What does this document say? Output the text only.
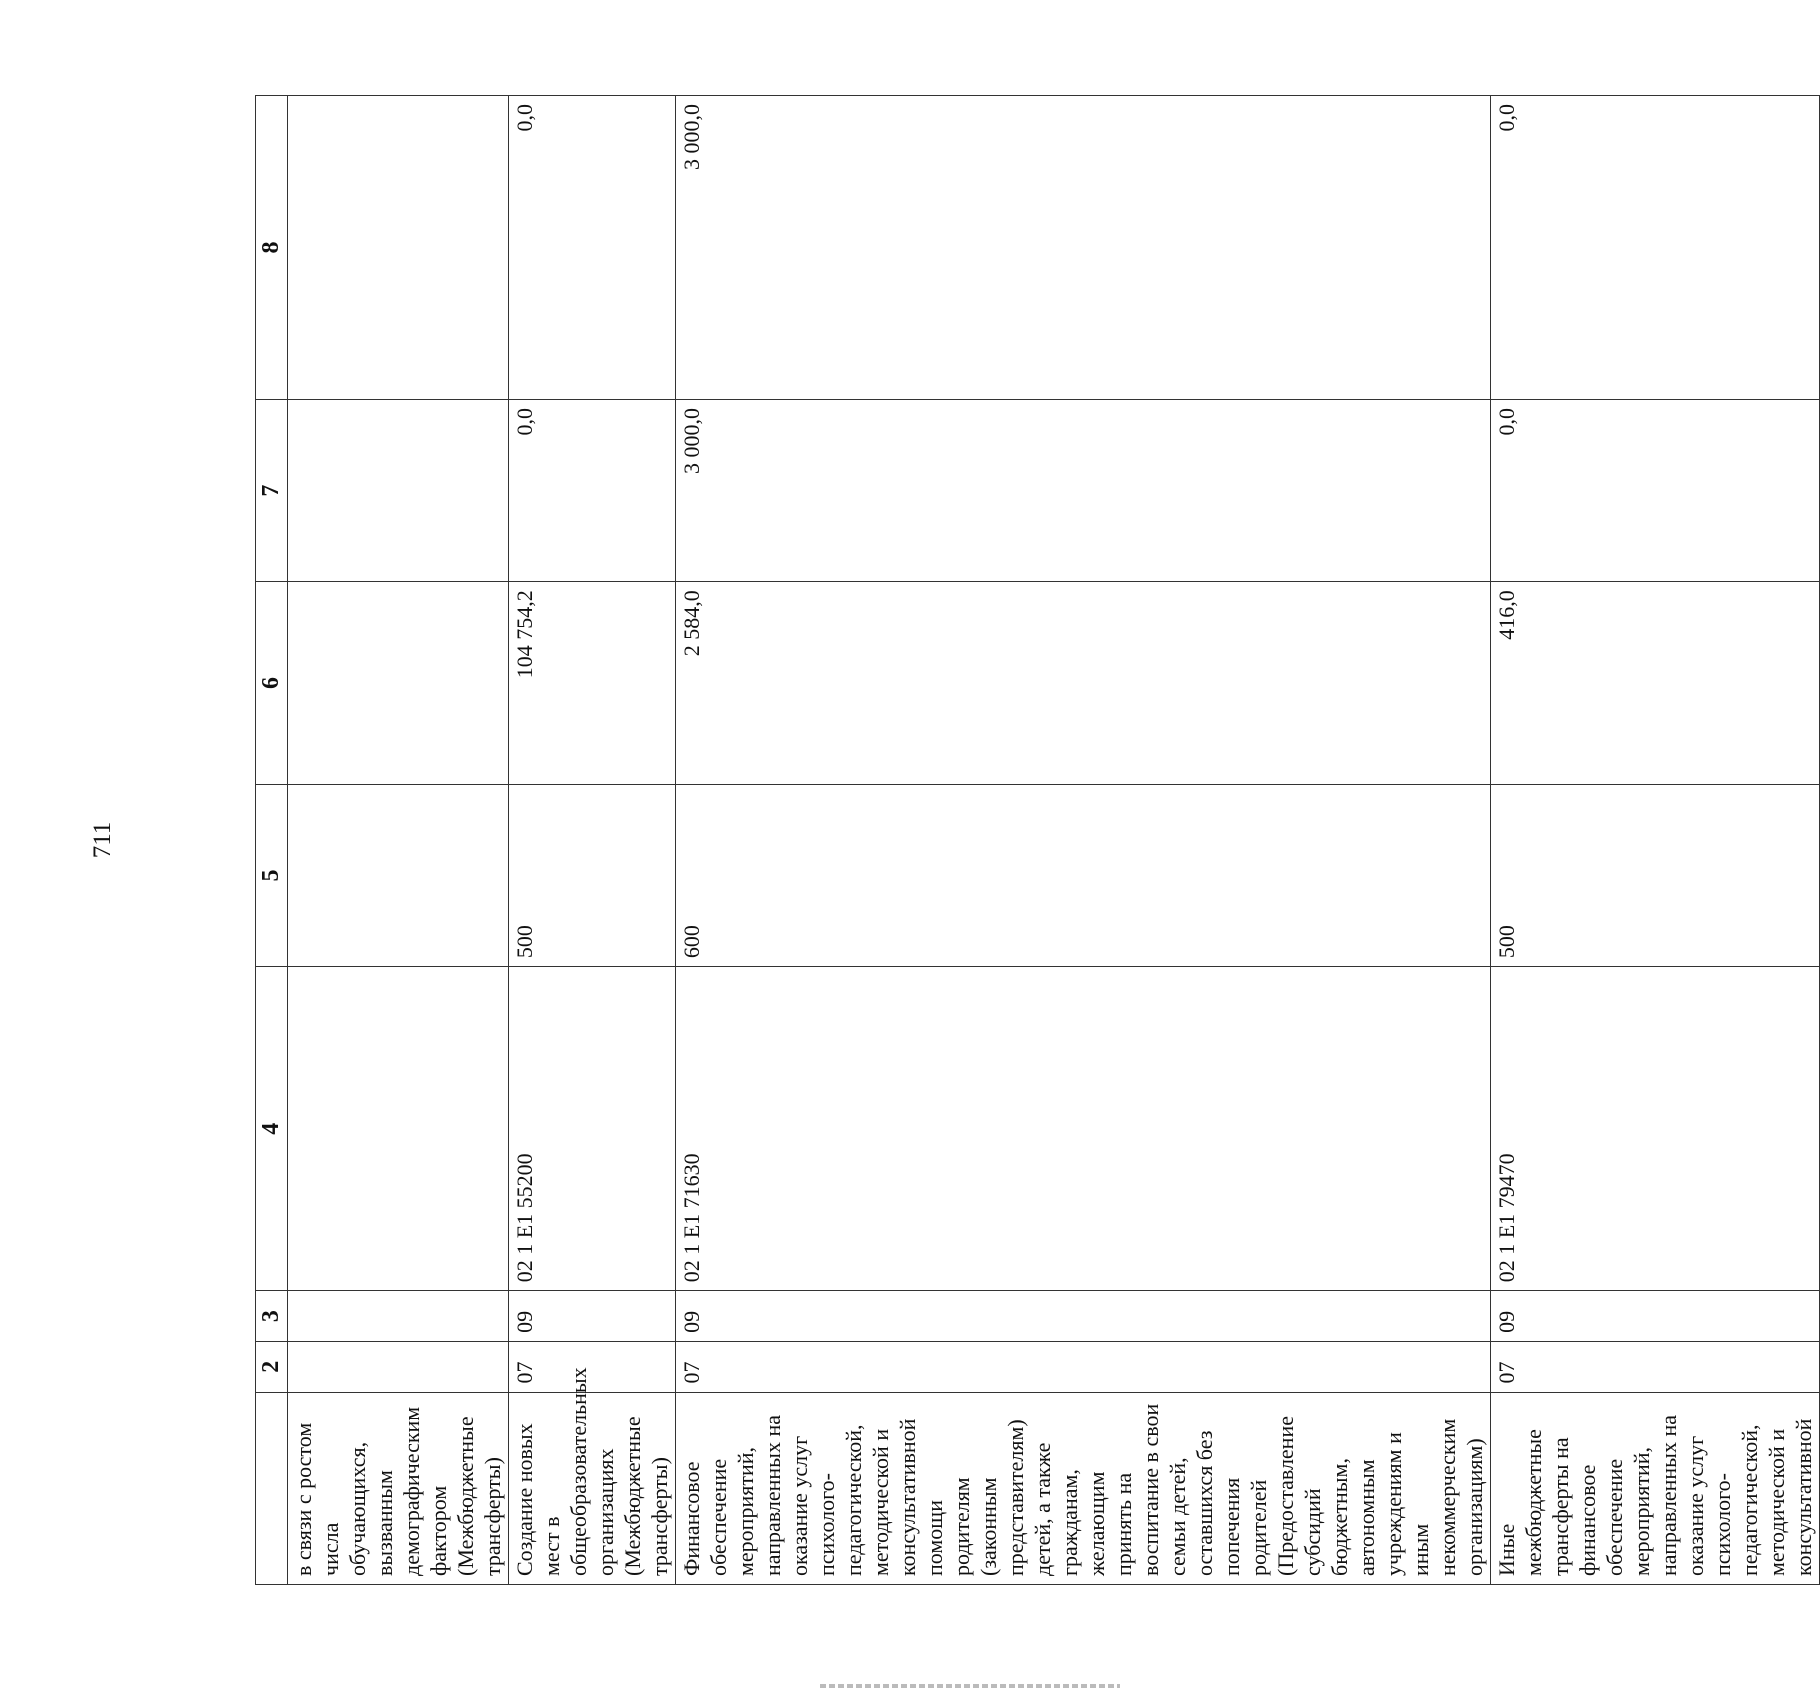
711
	2	3	4	5	6	7	8
в связи с ростом числа обучающихся, вызванным демографическим фактором (Межбюджетные трансферты)							
Создание новых мест в общеобразовательных организациях (Межбюджетные трансферты)	07	09	02 1 E1 55200	500	104 754,2	0,0	0,0
Финансовое обеспечение мероприятий, направленных на оказание услуг психолого-педагогической, методической и консультативной помощи родителям (законным представителям) детей, а также гражданам, желающим принять на воспитание в свои семьи детей, оставшихся без попечения родителей (Предоставление субсидий бюджетным, автономным учреждениям и иным некоммерческим организациям)	07	09	02 1 E1 71630	600	2 584,0	3 000,0	3 000,0
Иные межбюджетные трансферты на финансовое обеспечение мероприятий, направленных на оказание услуг психолого-педагогической, методической и консультативной	07	09	02 1 E1 79470	500	416,0	0,0	0,0
